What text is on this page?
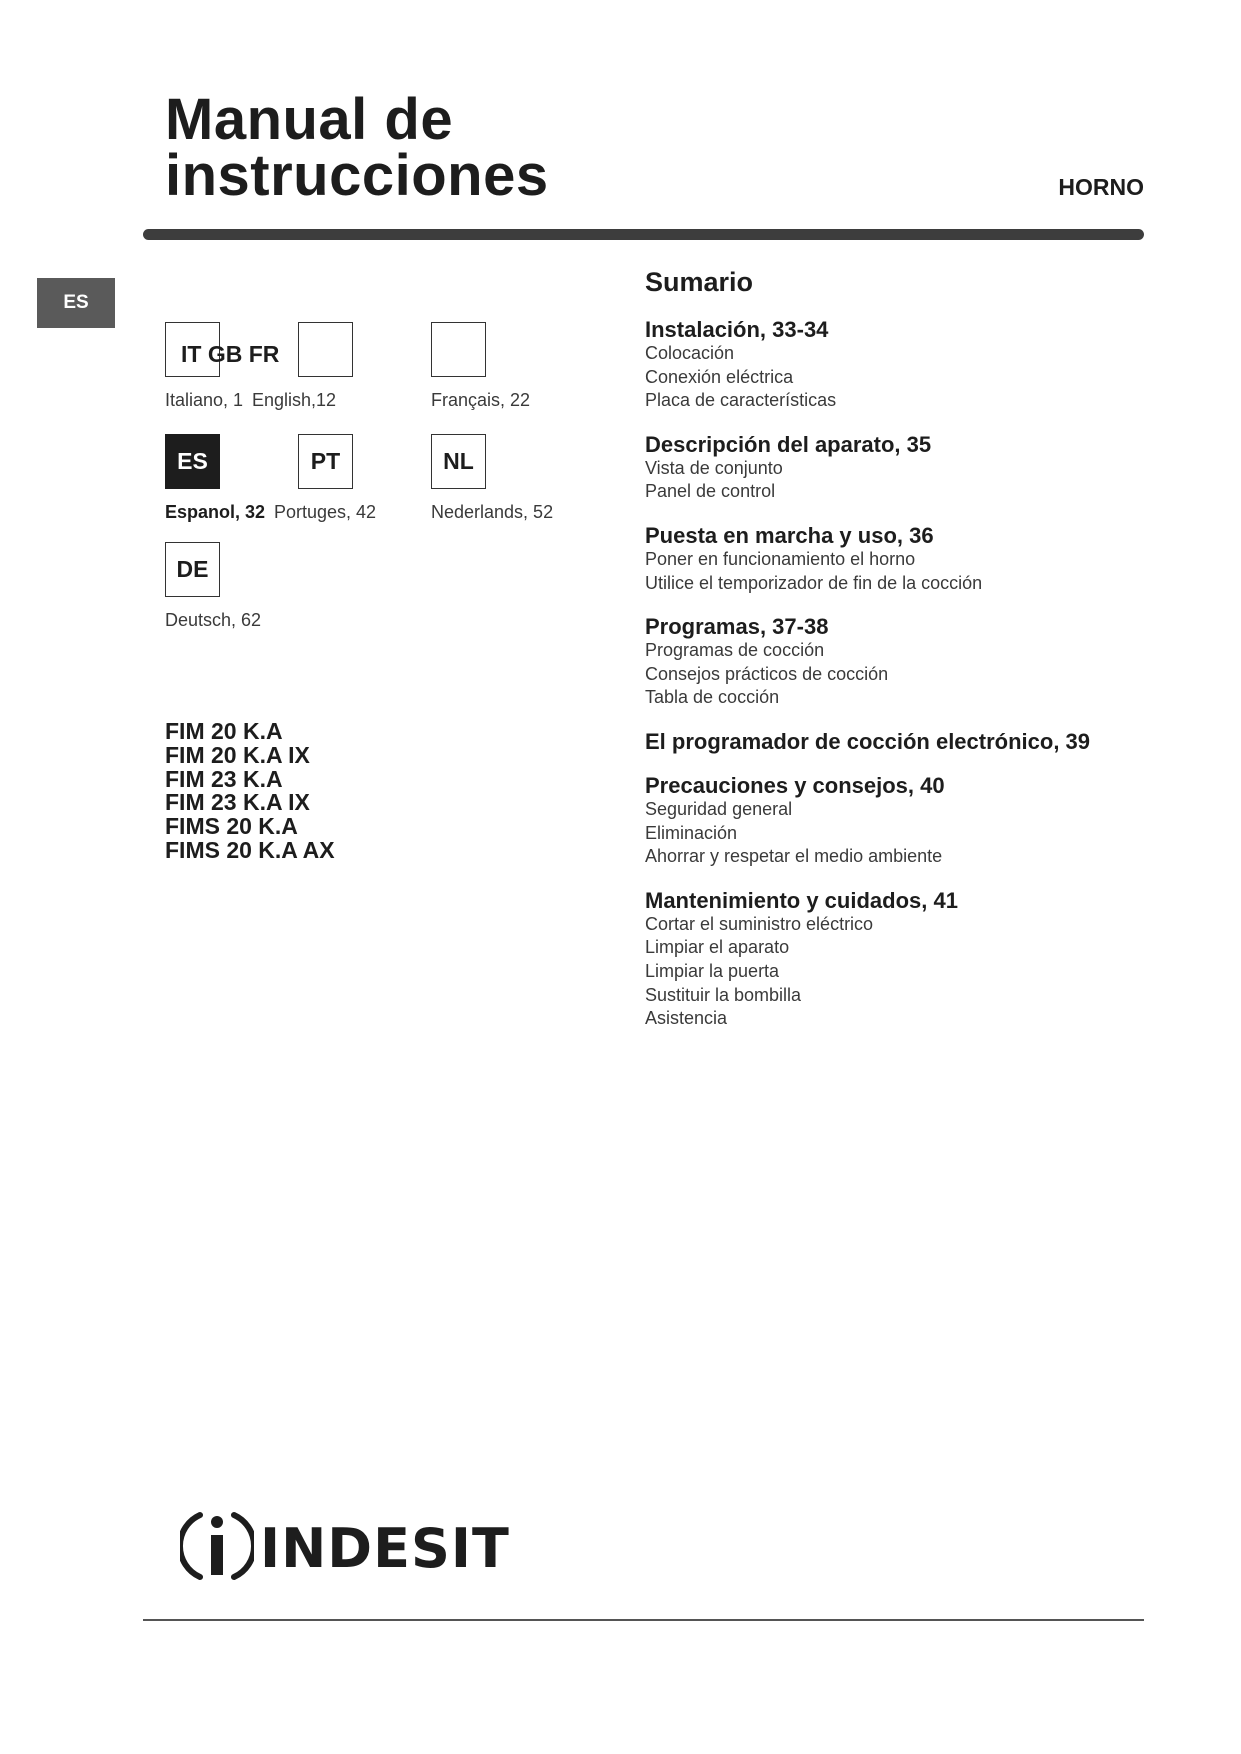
Manual de
instrucciones	HORNO
ES
IT GB FR
Italiano, 1 English,12	Français, 22
ES	PT	NL
Espanol, 32 Portuges, 42	Nederlands, 52
DE
Deutsch, 62
FIM 20 K.A
FIM 20 K.A IX
FIM 23 K.A
FIM 23 K.A IX
FIMS 20 K.A
FIMS 20 K.A AX
Sumario
Instalación, 33-34
Colocación
Conexión eléctrica
Placa de características
Descripción del aparato, 35
Vista de conjunto
Panel de control
Puesta en marcha y uso, 36
Poner en funcionamiento el horno
Utilice el temporizador de fin de la cocción
Programas, 37-38
Programas de cocción
Consejos prácticos de cocción
Tabla de cocción
El programador de cocción electrónico, 39
Precauciones y consejos, 40
Seguridad general
Eliminación
Ahorrar y respetar el medio ambiente
Mantenimiento y cuidados, 41
Cortar el suministro eléctrico
Limpiar el aparato
Limpiar la puerta
Sustituir la bombilla
Asistencia
INDESIT
